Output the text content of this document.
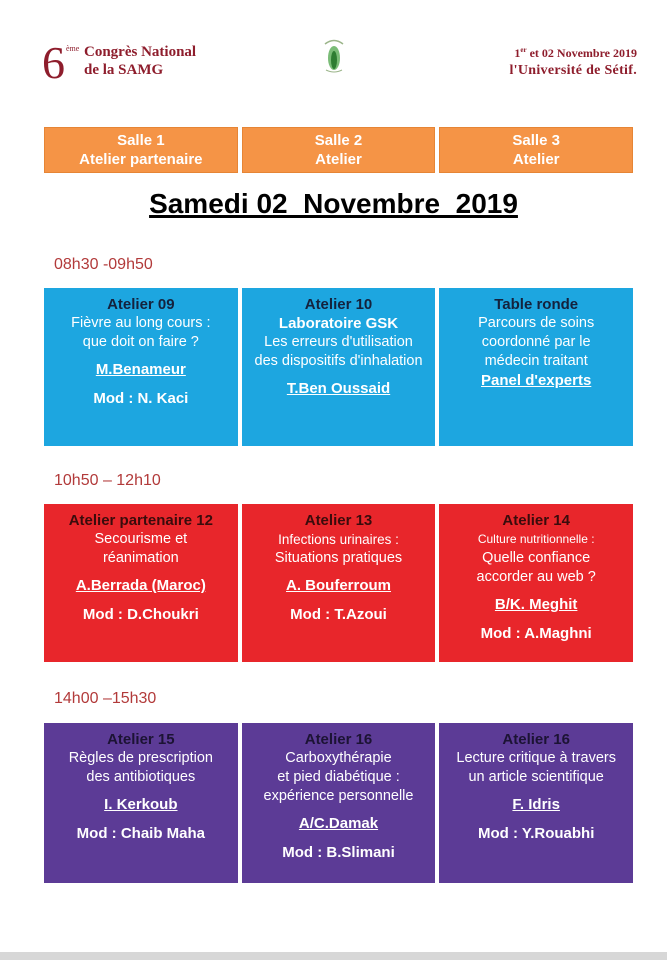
6 ème Congrès National
de la SAMG
1er et 02 Novembre 2019
l'Université de Sétif.
Salle 1
Atelier partenaire
Salle 2
Atelier
Salle 3
Atelier
Samedi 02  Novembre  2019
08h30 -09h50
Atelier 09
Fièvre au long cours :
que doit on faire ?
M.Benameur
Mod : N. Kaci
Atelier 10
Laboratoire GSK
Les erreurs d'utilisation
des dispositifs d'inhalation
T.Ben Oussaid
Table ronde
Parcours de soins
coordonné par le
médecin traitant
Panel d'experts
10h50 – 12h10
Atelier partenaire 12
Secourisme et
réanimation
A.Berrada (Maroc)
Mod : D.Choukri
Atelier 13
Infections urinaires :
Situations pratiques
A. Bouferroum
Mod : T.Azoui
Atelier 14
Culture nutritionnelle :
Quelle confiance
accorder au web ?
B/K. Meghit
Mod : A.Maghni
14h00 –15h30
Atelier 15
Règles de prescription
des antibiotiques
I. Kerkoub
Mod : Chaib Maha
Atelier 16
Carboxythérapie
et pied diabétique :
expérience personnelle
A/C.Damak
Mod : B.Slimani
Atelier 16
Lecture critique à travers
un article scientifique
F. Idris
Mod : Y.Rouabhi
